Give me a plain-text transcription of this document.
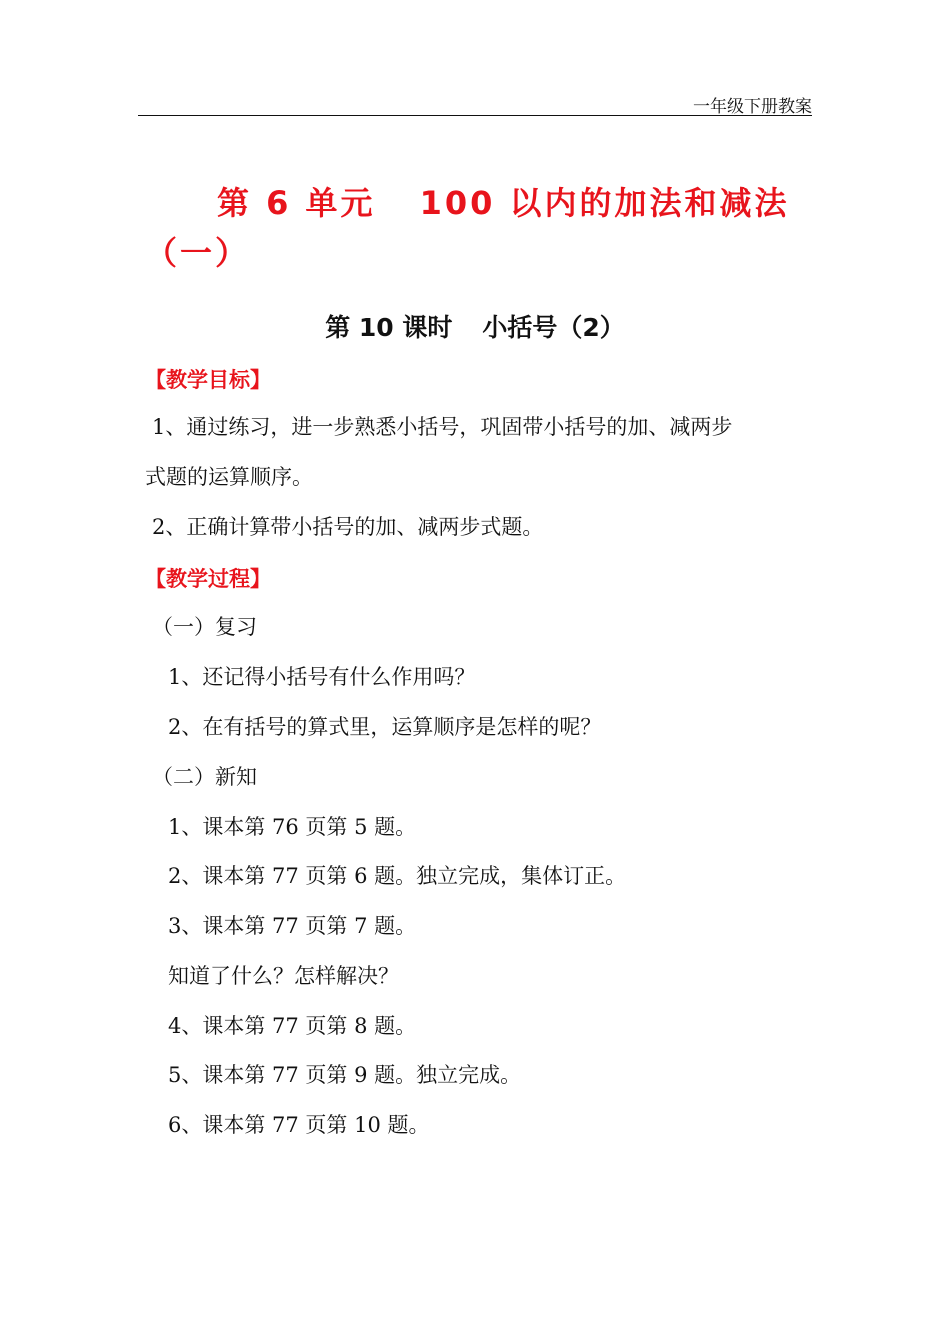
一年级下册教案
第 6 单元 100 以内的加法和减法
（一）
第 10 课时 小括号（2）
【教学目标】
1、通过练习，进一步熟悉小括号，巩固带小括号的加、减两步
式题的运算顺序。
2、正确计算带小括号的加、减两步式题。
【教学过程】
（一）复习
1、还记得小括号有什么作用吗？
2、在有括号的算式里，运算顺序是怎样的呢？
（二）新知
1、课本第 76 页第 5 题。
2、课本第 77 页第 6 题。独立完成，集体订正。
3、课本第 77 页第 7 题。
知道了什么？怎样解决？
4、课本第 77 页第 8 题。
5、课本第 77 页第 9 题。独立完成。
6、课本第 77 页第 10 题。
